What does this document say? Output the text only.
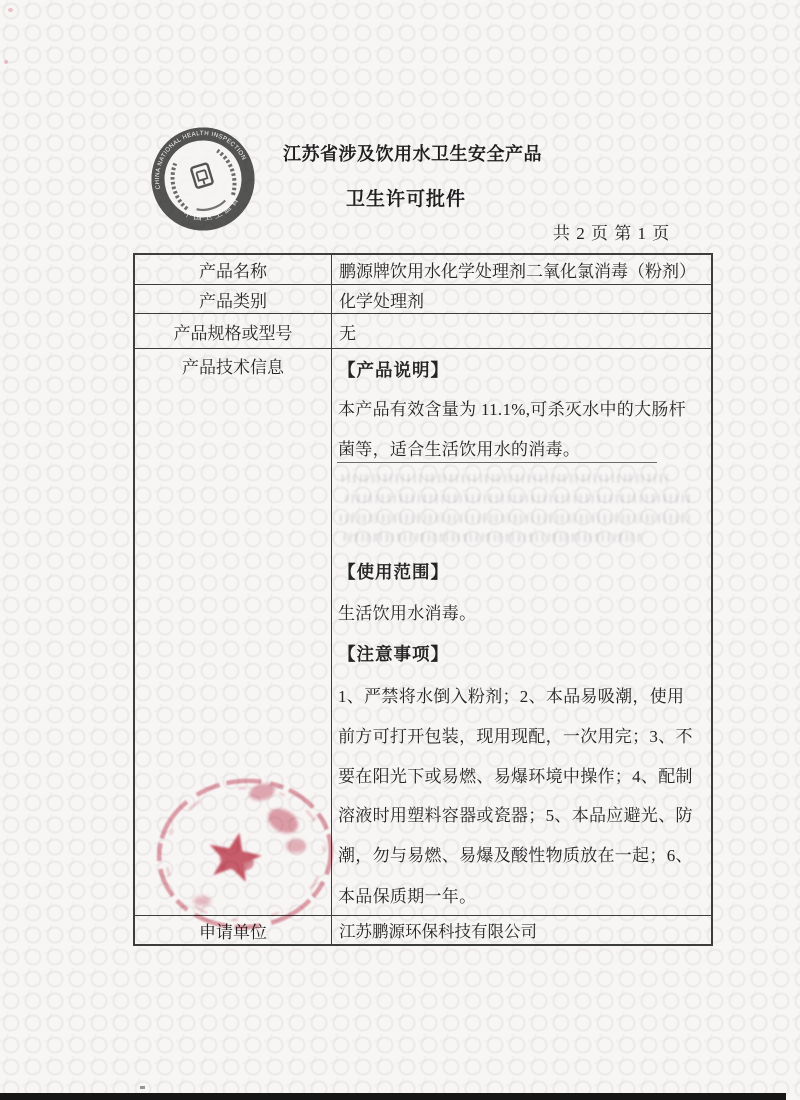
CHINA NATIONAL HEALTH INSPECTION
中国卫生监督
江苏省涉及饮用水卫生安全产品
卫生许可批件
共 2 页 第 1 页
产品名称	鹏源牌饮用水化学处理剂二氧化氯消毒（粉剂）
产品类别	化学处理剂
产品规格或型号	无
产品技术信息	【产品说明】
本产品有效含量为 11.1%,可杀灭水中的大肠杆
菌等，适合生活饮用水的消毒。
【使用范围】
生活饮用水消毒。
【注意事项】
1、严禁将水倒入粉剂；2、本品易吸潮，使用
前方可打开包装，现用现配，一次用完；3、不
要在阳光下或易燃、易爆环境中操作；4、配制
溶液时用塑料容器或瓷器；5、本品应避光、防
潮，勿与易燃、易爆及酸性物质放在一起；6、
本品保质期一年。
申请单位	江苏鹏源环保科技有限公司
